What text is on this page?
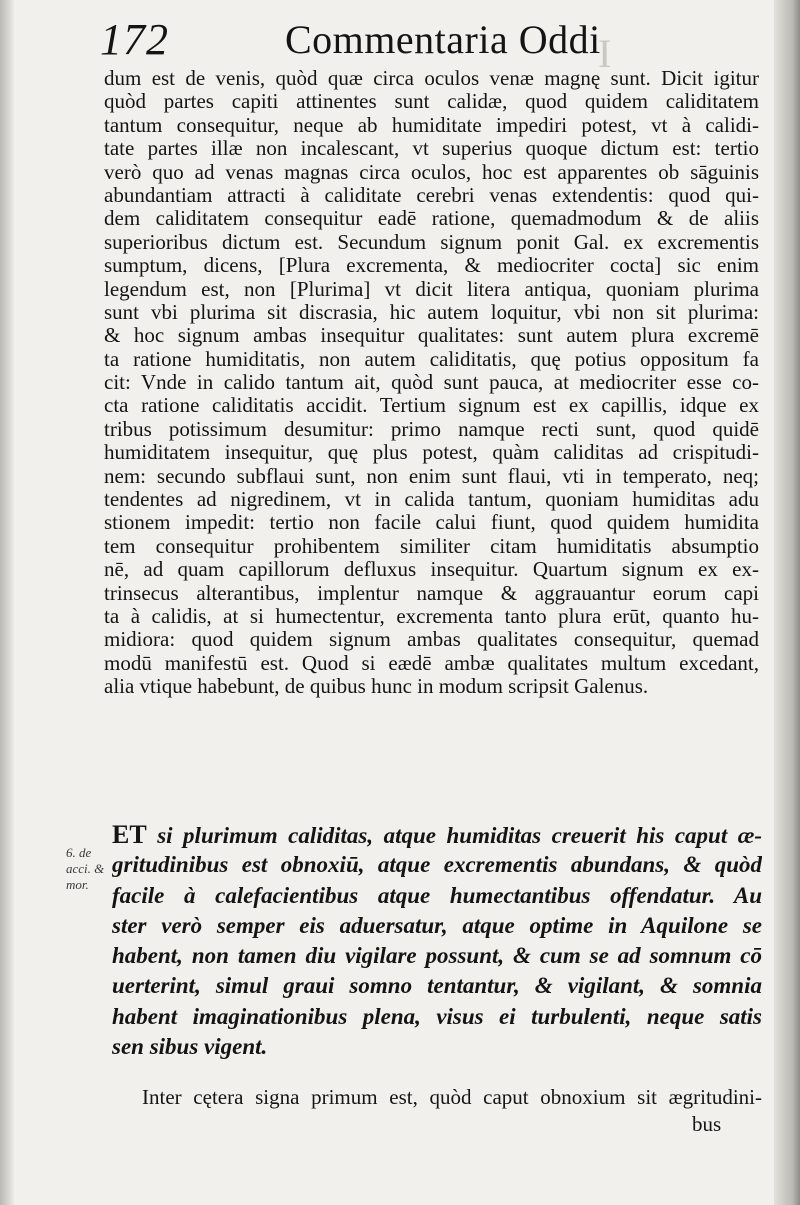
172	Commentaria Oddi
I
dum est de venis, quòd quæ circa oculos venæ magnę sunt. Dicit igitur
quòd partes capiti attinentes sunt calidæ, quod quidem caliditatem
tantum consequitur, neque ab humiditate impediri potest, vt à calidi-
tate partes illæ non incalescant, vt superius quoque dictum est: tertio
verò quo ad venas magnas circa oculos, hoc est apparentes ob sāguinis
abundantiam attracti à caliditate cerebri venas extendentis: quod qui-
dem caliditatem consequitur eadē ratione, quemadmodum & de aliis
superioribus dictum est. Secundum signum ponit Gal. ex excrementis
sumptum, dicens, [Plura excrementa, & mediocriter cocta] sic enim
legendum est, non [Plurima] vt dicit litera antiqua, quoniam plurima
sunt vbi plurima sit discrasia, hic autem loquitur, vbi non sit plurima:
& hoc signum ambas insequitur qualitates: sunt autem plura excremē
ta ratione humiditatis, non autem caliditatis, quę potius oppositum fa
cit: Vnde in calido tantum ait, quòd sunt pauca, at mediocriter esse co-
cta ratione caliditatis accidit. Tertium signum est ex capillis, idque ex
tribus potissimum desumitur: primo namque recti sunt, quod quidē
humiditatem insequitur, quę plus potest, quàm caliditas ad crispitudi-
nem: secundo subflaui sunt, non enim sunt flaui, vti in temperato, neq;
tendentes ad nigredinem, vt in calida tantum, quoniam humiditas adu
stionem impedit: tertio non facile calui fiunt, quod quidem humidita
tem consequitur prohibentem similiter citam humiditatis absumptio
nē, ad quam capillorum defluxus insequitur. Quartum signum ex ex-
trinsecus alterantibus, implentur namque & aggrauantur eorum capi
ta à calidis, at si humectentur, excrementa tanto plura erūt, quanto hu-
midiora: quod quidem signum ambas qualitates consequitur, quemad
modū manifestū est. Quod si eædē ambæ qualitates multum excedant,
alia vtique habebunt, de quibus hunc in modum scripsit Galenus.
6. de acci. & mor.
ET si plurimum caliditas, atque humiditas creuerit his caput æ-
gritudinibus est obnoxiū, atque excrementis abundans, & quòd
facile à calefacientibus atque humectantibus offendatur. Au
ster verò semper eis aduersatur, atque optime in Aquilone se
habent, non tamen diu vigilare possunt, & cum se ad somnum cō
uerterint, simul graui somno tentantur, & vigilant, & somnia
habent imaginationibus plena, visus ei turbulenti, neque satis
sen sibus vigent.
Inter cętera signa primum est, quòd caput obnoxium sit ægritudini-
bus
